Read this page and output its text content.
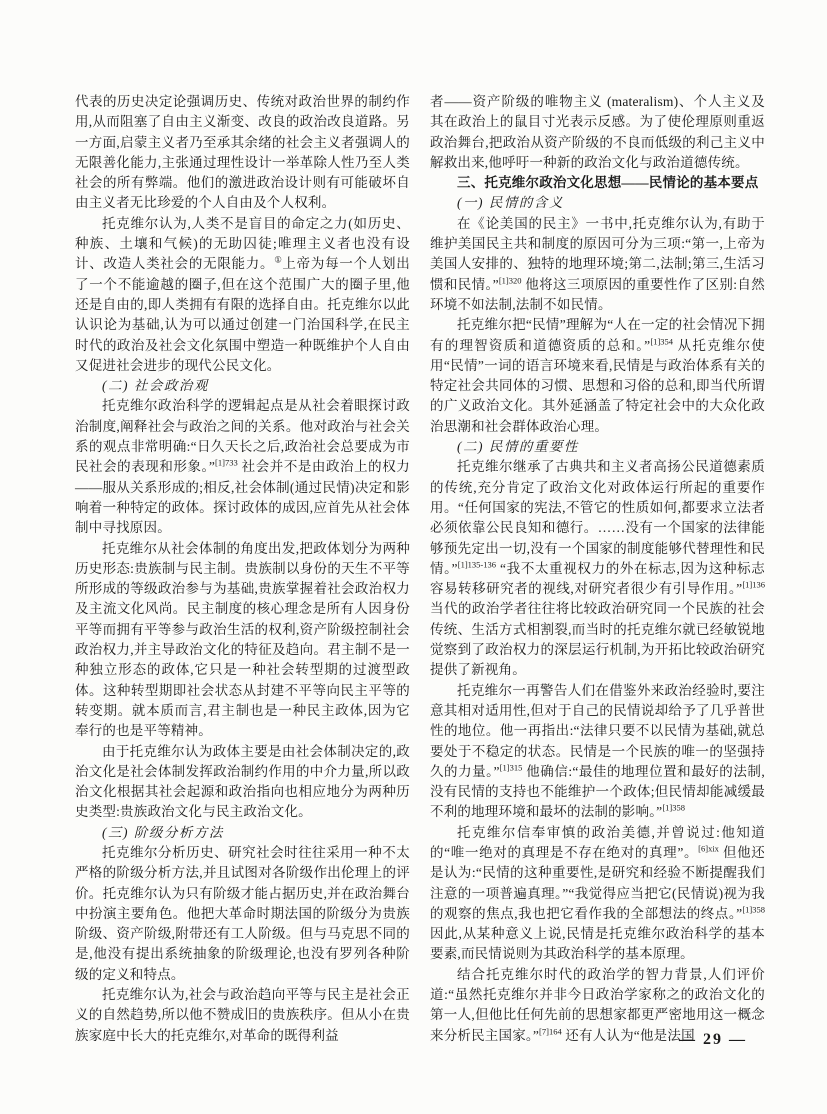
代表的历史决定论强调历史、传统对政治世界的制约作用,从而阻塞了自由主义渐变、改良的政治改良道路。另一方面,启蒙主义者乃至承其余绪的社会主义者强调人的无限善化能力,主张通过理性设计一举革除人性乃至人类社会的所有弊端。他们的激进政治设计则有可能破坏自由主义者无比珍爱的个人自由及个人权利。

托克维尔认为,人类不是盲目的命定之力(如历史、种族、土壤和气候)的无助囚徒;唯理主义者也没有设计、改造人类社会的无限能力。①上帝为每一个人划出了一个不能逾越的圈子,但在这个范围广大的圈子里,他还是自由的,即人类拥有有限的选择自由。托克维尔以此认识论为基础,认为可以通过创建一门治国科学,在民主时代的政治及社会文化氛围中塑造一种既维护个人自由又促进社会进步的现代公民文化。

(二) 社会政治观

托克维尔政治科学的逻辑起点是从社会着眼探讨政治制度,阐释社会与政治之间的关系。他对政治与社会关系的观点非常明确:“日久天长之后,政治社会总要成为市民社会的表现和形象。”$^{[1]733}$ 社会并不是由政治上的权力——服从关系形成的;相反,社会体制(通过民情)决定和影响着一种特定的政体。探讨政体的成因,应首先从社会体制中寻找原因。

托克维尔从社会体制的角度出发,把政体划分为两种历史形态:贵族制与民主制。贵族制以身份的天生不平等所形成的等级政治参与为基础,贵族掌握着社会政治权力及主流文化风尚。民主制度的核心理念是所有人因身份平等而拥有平等参与政治生活的权利,资产阶级控制社会政治权力,并主导政治文化的特征及趋向。君主制不是一种独立形态的政体,它只是一种社会转型期的过渡型政体。这种转型期即社会状态从封建不平等向民主平等的转变期。就本质而言,君主制也是一种民主政体,因为它奉行的也是平等精神。

由于托克维尔认为政体主要是由社会体制决定的,政治文化是社会体制发挥政治制约作用的中介力量,所以政治文化根据其社会起源和政治指向也相应地分为两种历史类型:贵族政治文化与民主政治文化。

(三) 阶级分析方法

托克维尔分析历史、研究社会时往往采用一种不太严格的阶级分析方法,并且试图对各阶级作出伦理上的评价。托克维尔认为只有阶级才能占据历史,并在政治舞台中扮演主要角色。他把大革命时期法国的阶级分为贵族阶级、资产阶级,附带还有工人阶级。但与马克思不同的是,他没有提出系统抽象的阶级理论,也没有罗列各种阶级的定义和特点。

托克维尔认为,社会与政治趋向平等与民主是社会正义的自然趋势,所以他不赞成旧的贵族秩序。但从小在贵族家庭中长大的托克维尔,对革命的既得利益

者——资产阶级的唯物主义 (materalism)、个人主义及其在政治上的鼠目寸光表示反感。为了使伦理原则重返政治舞台,把政治从资产阶级的不良而低级的利己主义中解救出来,他呼吁一种新的政治文化与政治道德传统。

三、托克维尔政治文化思想——民情论的基本要点

(一) 民情的含义

在《论美国的民主》一书中,托克维尔认为,有助于维护美国民主共和制度的原因可分为三项:“第一,上帝为美国人安排的、独特的地理环境;第二,法制;第三,生活习惯和民情。”$^{[1]320}$ 他将这三项原因的重要性作了区别:自然环境不如法制,法制不如民情。

托克维尔把“民情”理解为“人在一定的社会情况下拥有的理智资质和道德资质的总和。”$^{[1]354}$ 从托克维尔使用“民情”一词的语言环境来看,民情是与政治体系有关的特定社会共同体的习惯、思想和习俗的总和,即当代所谓的广义政治文化。其外延涵盖了特定社会中的大众化政治思潮和社会群体政治心理。

(二) 民情的重要性

托克维尔继承了古典共和主义者高扬公民道德素质的传统,充分肯定了政治文化对政体运行所起的重要作用。“任何国家的宪法,不管它的性质如何,都要求立法者必须依靠公民良知和德行。……没有一个国家的法律能够预先定出一切,没有一个国家的制度能够代替理性和民情。”$^{[1]135-136}$ “我不太重视权力的外在标志,因为这种标志容易转移研究者的视线,对研究者很少有引导作用。”$^{[1]136}$ 当代的政治学者往往将比较政治研究同一个民族的社会传统、生活方式相割裂,而当时的托克维尔就已经敏锐地觉察到了政治权力的深层运行机制,为开拓比较政治研究提供了新视角。

托克维尔一再警告人们在借鉴外来政治经验时,要注意其相对适用性,但对于自己的民情说却给予了几乎普世性的地位。他一再指出:“法律只要不以民情为基础,就总要处于不稳定的状态。民情是一个民族的唯一的坚强持久的力量。”$^{[1]315}$ 他确信:“最佳的地理位置和最好的法制,没有民情的支持也不能维护一个政体;但民情却能减缓最不利的地理环境和最坏的法制的影响。”$^{[1]358}$

托克维尔信奉审慎的政治美德,并曾说过:他知道的“唯一绝对的真理是不存在绝对的真理”。$^{[6]xix}$ 但他还是认为:“民情的这种重要性,是研究和经验不断提醒我们注意的一项普遍真理。”“我觉得应当把它(民情说)视为我的观察的焦点,我也把它看作我的全部想法的终点。”$^{[1]358}$ 因此,从某种意义上说,民情是托克维尔政治科学的基本要素,而民情说则为其政治科学的基本原理。

结合托克维尔时代的政治学的智力背景,人们评价道:“虽然托克维尔并非今日政治学家称之的政治文化的第一人,但他比任何先前的思想家都更严密地用这一概念来分析民主国家。”$^{[7]164}$ 还有人认为“他是法国

— 29 —
